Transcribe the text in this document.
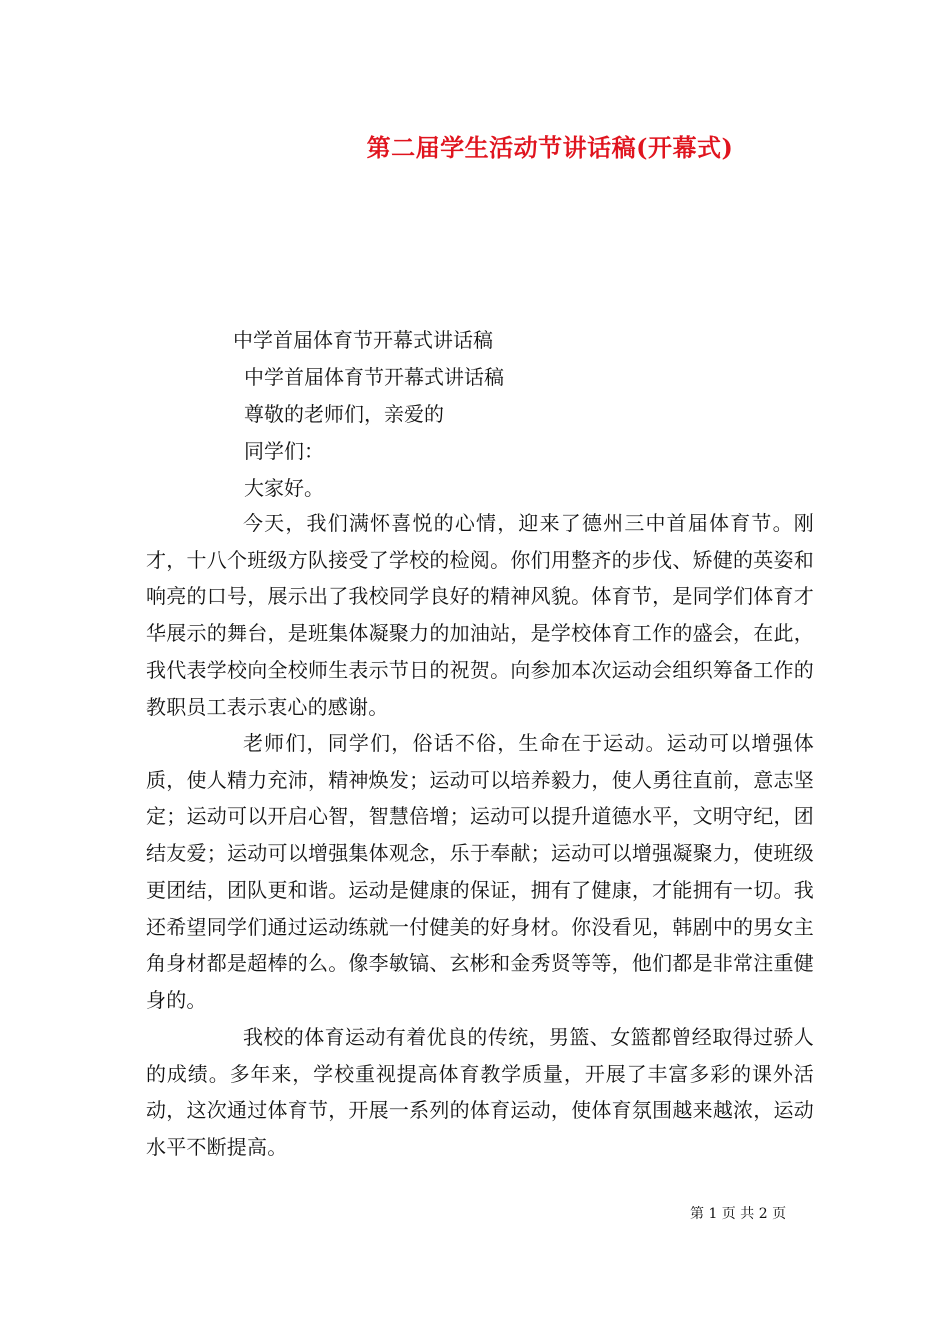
第二届学生活动节讲话稿(开幕式)
中学首届体育节开幕式讲话稿
中学首届体育节开幕式讲话稿
尊敬的老师们，亲爱的
同学们：
大家好。

今天，我们满怀喜悦的心情，迎来了德州三中首届体育节。刚才，十八个班级方队接受了学校的检阅。你们用整齐的步伐、矫健的英姿和响亮的口号，展示出了我校同学良好的精神风貌。体育节，是同学们体育才华展示的舞台，是班集体凝聚力的加油站，是学校体育工作的盛会，在此，我代表学校向全校师生表示节日的祝贺。向参加本次运动会组织筹备工作的教职员工表示衷心的感谢。

老师们，同学们，俗话不俗，生命在于运动。运动可以增强体质，使人精力充沛，精神焕发；运动可以培养毅力，使人勇往直前，意志坚定；运动可以开启心智，智慧倍增；运动可以提升道德水平，文明守纪，团结友爱；运动可以增强集体观念，乐于奉献；运动可以增强凝聚力，使班级更团结，团队更和谐。运动是健康的保证，拥有了健康，才能拥有一切。我还希望同学们通过运动练就一付健美的好身材。你没看见，韩剧中的男女主角身材都是超棒的么。像李敏镐、玄彬和金秀贤等等，他们都是非常注重健身的。

我校的体育运动有着优良的传统，男篮、女篮都曾经取得过骄人的成绩。多年来，学校重视提高体育教学质量，开展了丰富多彩的课外活动，这次通过体育节，开展一系列的体育运动，使体育氛围越来越浓，运动水平不断提高。

第 1 页 共 2 页
